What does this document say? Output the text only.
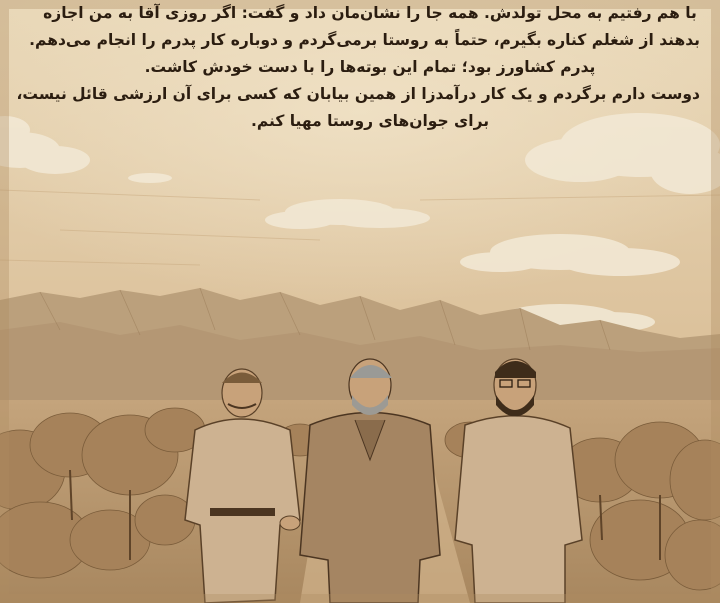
با هم رفتیم به محل تولدش. همه جا را نشان‌مان داد و گفت: اگر روزی آقا به من اجازه
بدهند از شغلم کناره بگیرم، حتماً به روستا برمی‌گردم و دوباره کار پدرم را انجام می‌دهم.
پدرم کشاورز بود؛ تمام این بوته‌ها را با دست خودش کاشت.
دوست دارم برگردم و یک کار درآمدزا از همین بیابان که کسی برای آن ارزشی قائل نیست،
برای جوان‌های روستا مهیا کنم.
